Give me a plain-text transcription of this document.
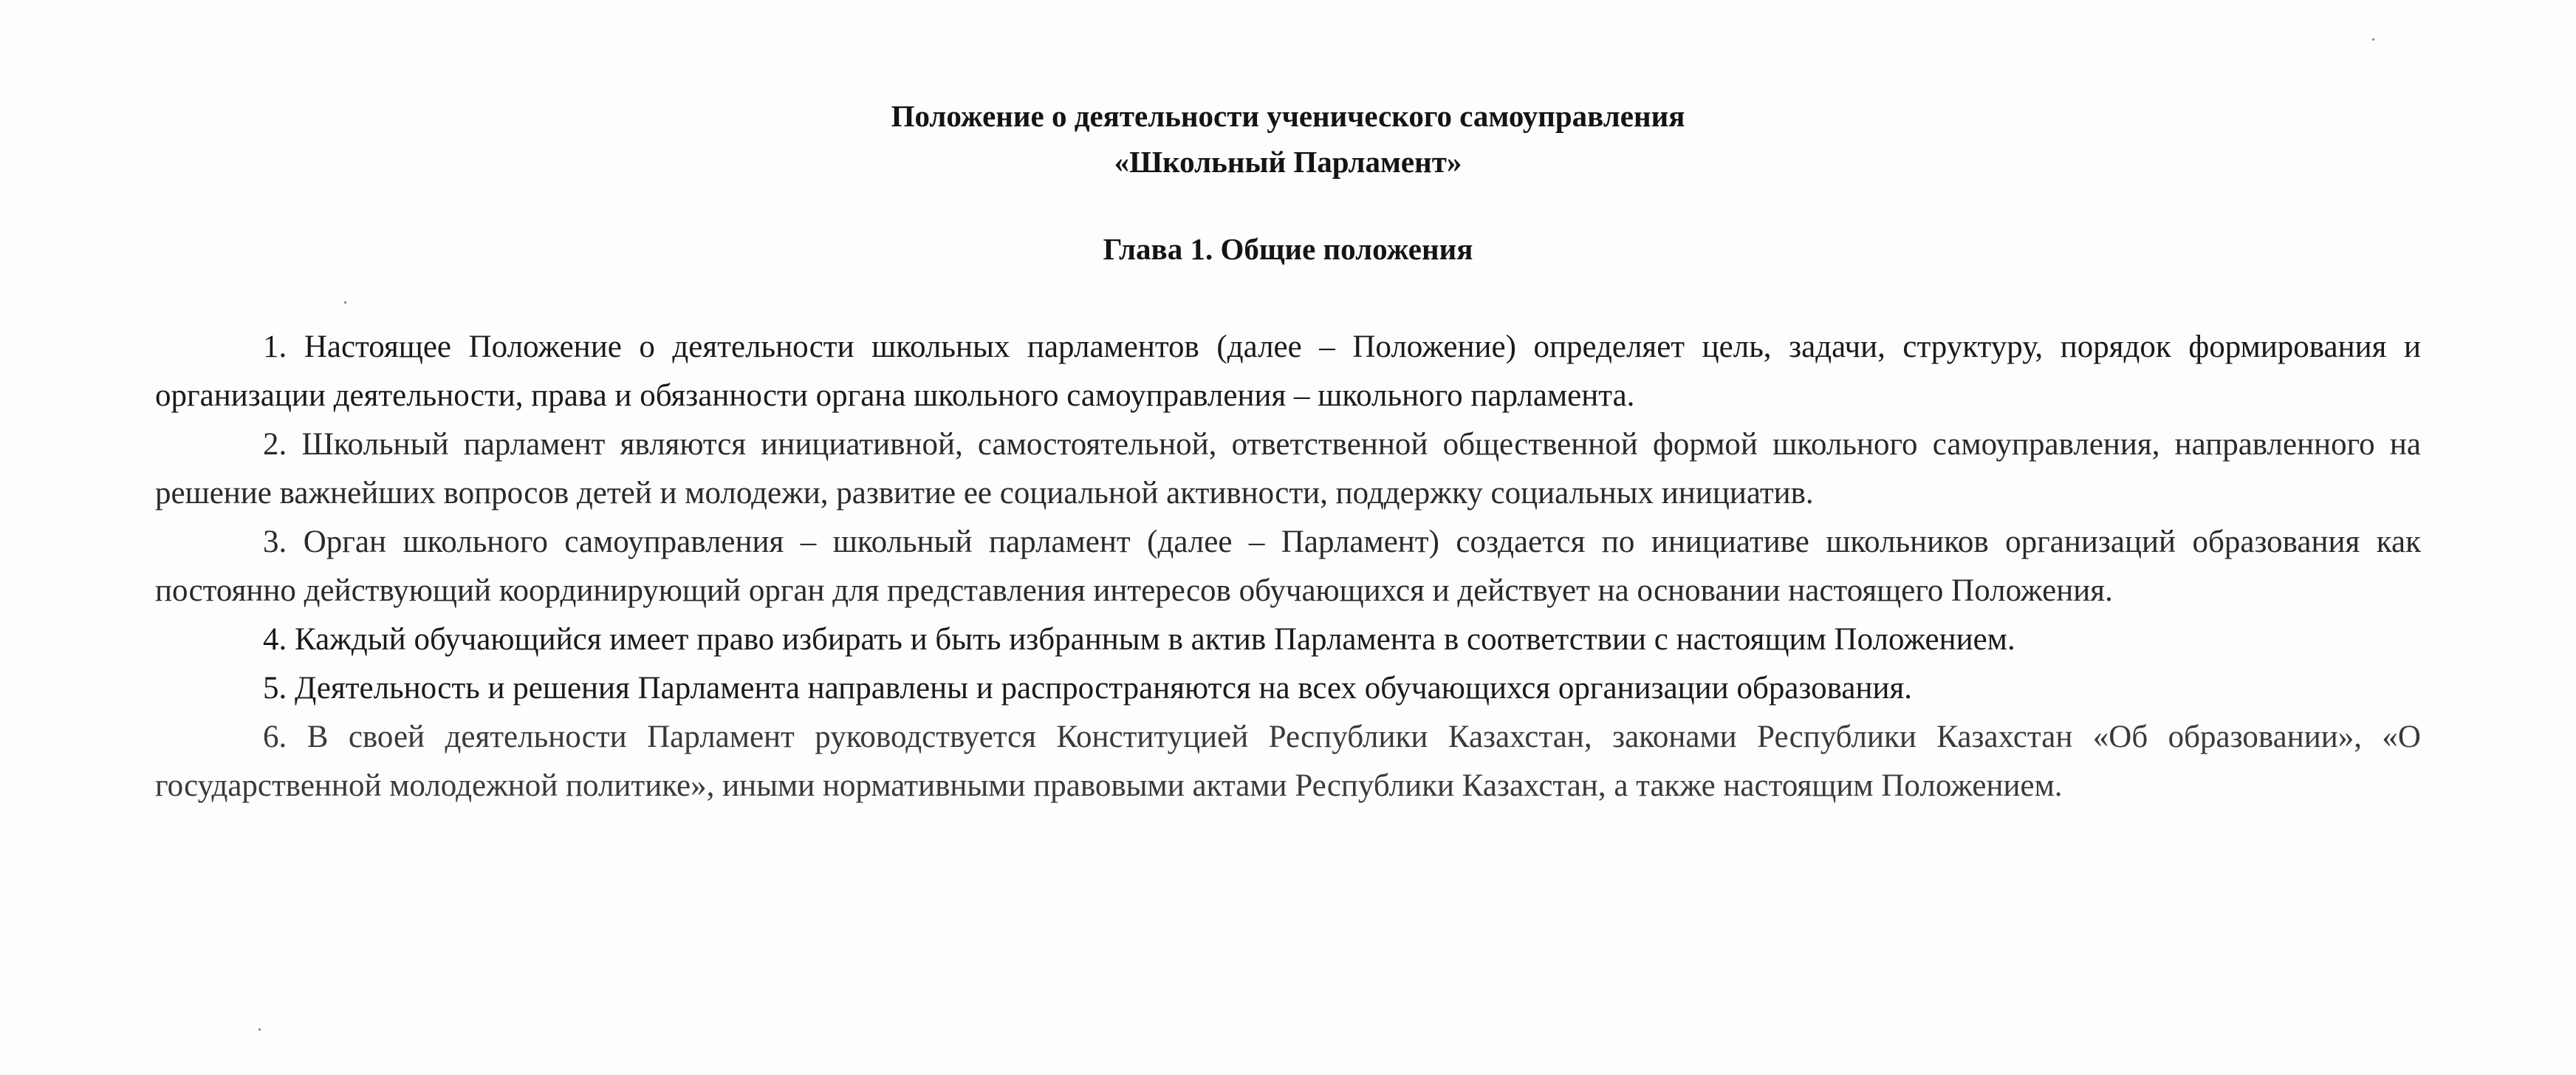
Положение о деятельности ученического самоуправления
«Школьный Парламент»
Глава 1. Общие положения

1. Настоящее Положение о деятельности школьных парламентов (далее – Положение) определяет цель, задачи, структуру, порядок формирования и организации деятельности, права и обязанности органа школьного самоуправления – школьного парламента.

2. Школьный парламент являются инициативной, самостоятельной, ответственной общественной формой школьного самоуправления, направленного на решение важнейших вопросов детей и молодежи, развитие ее социальной активности, поддержку социальных инициатив.

3. Орган школьного самоуправления – школьный парламент (далее – Парламент) создается по инициативе школьников организаций образования как постоянно действующий координирующий орган для представления интересов обучающихся и действует на основании настоящего Положения.

4. Каждый обучающийся имеет право избирать и быть избранным в актив Парламента в соответствии с настоящим Положением.

5. Деятельность и решения Парламента направлены и распространяются на всех обучающихся организации образования.

6. В своей деятельности Парламент руководствуется Конституцией Республики Казахстан, законами Республики Казахстан «Об образовании», «О государственной молодежной политике», иными нормативными правовыми актами Республики Казахстан, а также настоящим Положением.
